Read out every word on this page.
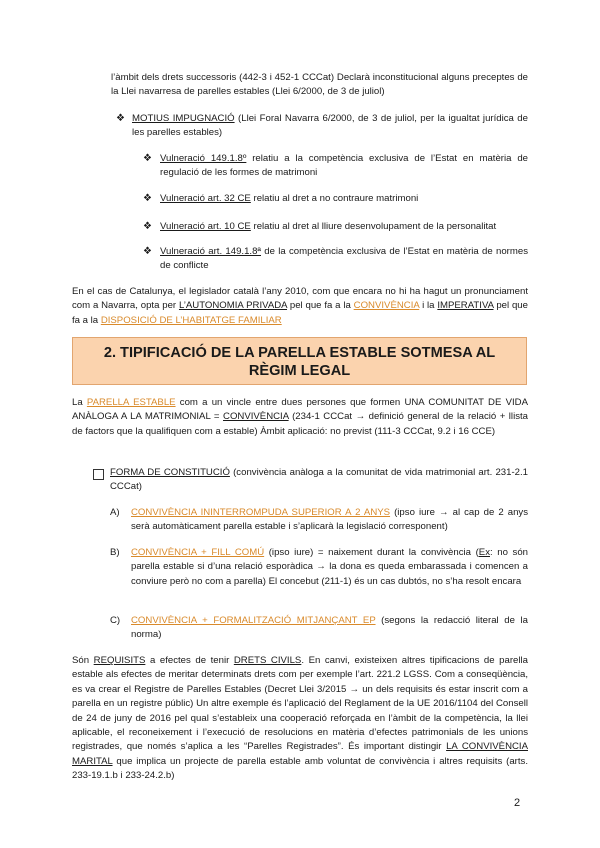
l’àmbit dels drets successoris (442-3 i 452-1 CCCat) Declarà inconstitucional alguns preceptes de la Llei navarresa de parelles estables (Llei 6/2000, de 3 de juliol)

❖ MOTIUS IMPUGNACIÓ (Llei Foral Navarra 6/2000, de 3 de juliol, per la igualtat jurídica de les parelles estables)

❖ Vulneració 149.1.8º relatiu a la competència exclusiva de l’Estat en matèria de regulació de les formes de matrimoni

❖ Vulneració art. 32 CE relatiu al dret a no contraure matrimoni

❖ Vulneració art. 10 CE relatiu al dret al lliure desenvolupament de la personalitat

❖ Vulneració art. 149.1.8ª de la competència exclusiva de l’Estat en matèria de normes de conflicte

En el cas de Catalunya, el legislador català l’any 2010, com que encara no hi ha hagut un pronunciament com a Navarra, opta per L’AUTONOMIA PRIVADA pel que fa a la CONVIVÈNCIA i la IMPERATIVA pel que fa a la DISPOSICIÓ DE L’HABITATGE FAMILIAR

2. TIPIFICACIÓ DE LA PARELLA ESTABLE SOTMESA AL
RÈGIM LEGAL

La PARELLA ESTABLE com a un vincle entre dues persones que formen UNA COMUNITAT DE VIDA ANÀLOGA A LA MATRIMONIAL = CONVIVÈNCIA (234-1 CCCat → definició general de la relació + llista de factors que la qualifiquen com a estable) Àmbit aplicació: no previst (111-3 CCCat, 9.2 i 16 CCE)

FORMA DE CONSTITUCIÓ (convivència anàloga a la comunitat de vida matrimonial art. 231-2.1 CCCat)

A) CONVIVÈNCIA ININTERROMPUDA SUPERIOR A 2 ANYS (ipso iure → al cap de 2 anys serà automàticament parella estable i s’aplicarà la legislació corresponent)

B) CONVIVÈNCIA + FILL COMÚ (ipso iure) = naixement durant la convivència (Ex: no són parella estable si d’una relació esporàdica → la dona es queda embarassada i comencen a conviure però no com a parella) El concebut (211-1) és un cas dubtós, no s’ha resolt encara

C) CONVIVÈNCIA + FORMALITZACIÓ MITJANÇANT EP (segons la redacció literal de la norma)

Són REQUISITS a efectes de tenir DRETS CIVILS. En canvi, existeixen altres tipificacions de parella estable als efectes de meritar determinats drets com per exemple l’art. 221.2 LGSS. Com a conseqüència, es va crear el Registre de Parelles Estables (Decret Llei 3/2015 → un dels requisits és estar inscrit com a parella en un registre públic) Un altre exemple és l’aplicació del Reglament de la UE 2016/1104 del Consell de 24 de juny de 2016 pel qual s’estableix una cooperació reforçada en l’àmbit de la competència, la llei aplicable, el reconeixement i l’execució de resolucions en matèria d’efectes patrimonials de les unions registrades, que només s’aplica a les “Parelles Registrades”. És important distingir LA CONVIVÈNCIA MARITAL que implica un projecte de parella estable amb voluntat de convivència i altres requisits (arts. 233-19.1.b i 233-24.2.b)

2
